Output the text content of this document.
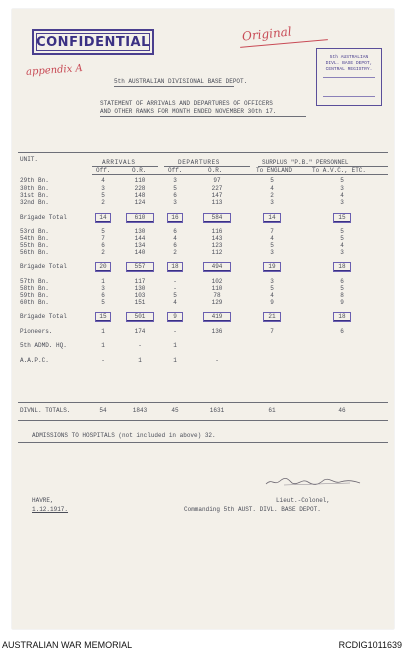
CONFIDENTIAL	Original
appendix A
5th AUSTRALIAN
DIVL. BASE DEPOT,
CENTRAL REGISTRY.
5th AUSTRALIAN DIVISIONAL BASE DEPOT.
STATEMENT OF ARRIVALS AND DEPARTURES OF OFFICERS
AND OTHER RANKS FOR MONTH ENDED NOVEMBER 30th 17.
UNIT.	ARRIVALS	DEPARTURES	SURPLUS "P.B." PERSONNEL
Off.	O.R.	Off.	O.R.	To ENGLAND	To A.V.C., ETC.
29th Bn.	4	110	3	97	5	5
30th Bn.	3	228	5	227	4	3
31st Bn.	5	148	6	147	2	4
32nd Bn.	2	124	3	113	3	3
Brigade Total	14	610	16	584	14	15
53rd Bn.	5	130	6	116	7	5
54th Bn.	7	144	4	143	4	5
55th Bn.	6	134	6	123	5	4
56th Bn.	2	140	2	112	3	3
Brigade Total	20	557	18	494	19	18
57th Bn.	1	117	-	102	3	6
58th Bn.	3	130	-	110	5	5
59th Bn.	6	103	5	78	4	8
60th Bn.	5	151	4	129	9	9
Brigade Total	15	501	9	419	21	18
Pioneers.	1	174	-	136	7	6
5th ADMD. HQ.	1	-	1
A.A.P.C.	-	1	1	-
DIVNL. TOTALS.	54	1843	45	1631	61	46
ADMISSIONS TO HOSPITALS (not included in above) 32.
HAVRE,
1.12.1917.
Lieut.-Colonel,
Commanding 5th AUST. DIVL. BASE DEPOT.
AUSTRALIAN WAR MEMORIAL	RCDIG1011639
